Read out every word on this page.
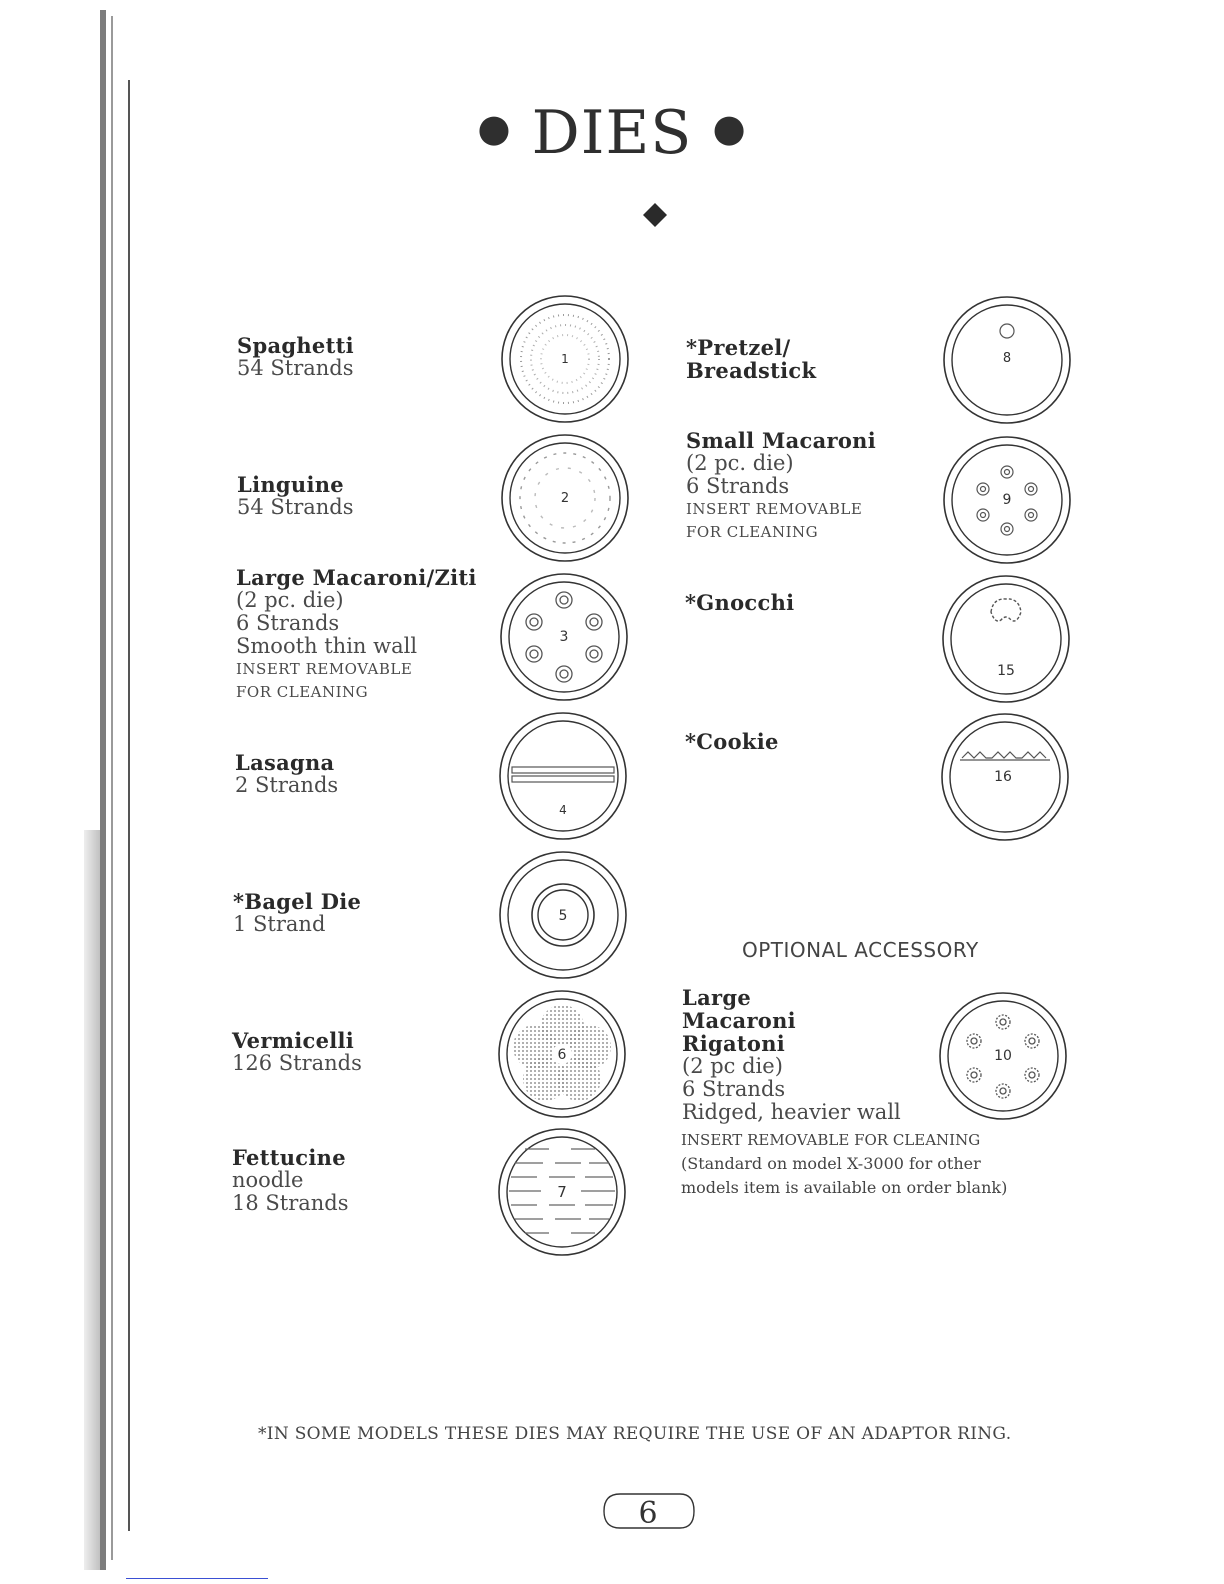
● DIES ●
Spaghetti
54 Strands
Linguine
54 Strands
Large Macaroni/Ziti
(2 pc. die)
6 Strands
Smooth thin wall
INSERT REMOVABLE
FOR CLEANING
Lasagna
2 Strands
*Bagel Die
1 Strand
Vermicelli
126 Strands
Fettucine
noodle
18 Strands
*Pretzel/
Breadstick
Small Macaroni
(2 pc. die)
6 Strands
INSERT REMOVABLE
FOR CLEANING
*Gnocchi
*Cookie
OPTIONAL ACCESSORY
Large
Macaroni
Rigatoni
(2 pc die)
6 Strands
Ridged, heavier wall
INSERT REMOVABLE FOR CLEANING
(Standard on model X-3000 for other
models item is available on order blank)
1
2
3
4
5
6
7
8
9
15
16
10
*IN SOME MODELS THESE DIES MAY REQUIRE THE USE OF AN ADAPTOR RING.
6
